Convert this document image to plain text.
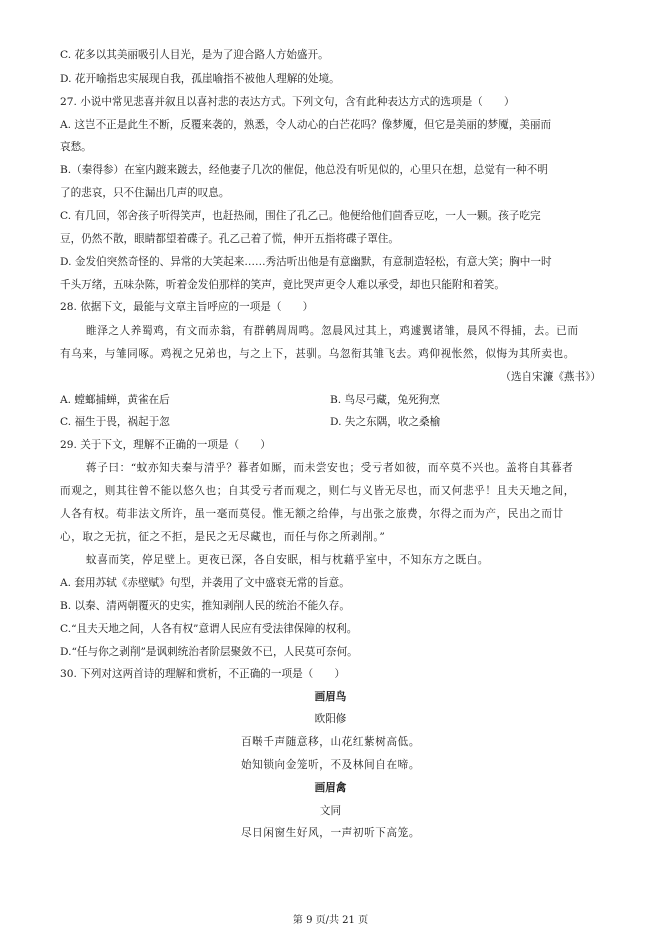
C. 花多以其美丽吸引人目光，是为了迎合路人方始盛开。
D. 花开喻指忠实展现自我，孤崖喻指不被他人理解的处境。
27. 小说中常见悲喜并叙且以喜衬悲的表达方式。下列文句，含有此种表达方式的选项是（　　）
A. 这岂不正是此生不断，反覆来袭的，熟悉，令人动心的白芒花吗？像梦魇，但它是美丽的梦魇，美丽而
哀愁。
B.（秦得参）在室内踱来踱去，经他妻子几次的催促，他总没有听见似的，心里只在想，总觉有一种不明
了的悲哀，只不住漏出几声的叹息。
C. 有几回，邻舍孩子听得笑声，也赶热闹，围住了孔乙己。他便给他们茴香豆吃，一人一颗。孩子吃完
豆，仍然不散，眼睛都望着碟子。孔乙己着了慌，伸开五指将碟子罩住。
D. 金发伯突然奇怪的、异常的大笑起来……秀沽听出他是有意幽默，有意制造轻松，有意大笑；胸中一时
千头万绪，五味杂陈，听着金发伯那样的笑声，竟比哭声更令人难以承受，却也只能附和着笑。
28. 依据下文，最能与文章主旨呼应的一项是（　　）
睢泽之人养蜀鸡，有文而赤翁，有群鹌周周鸣。忽晨风过其上，鸡遽翼诸雏，晨风不得捕，去。已而
有乌来，与雏同啄。鸡视之兄弟也，与之上下，甚驯。乌忽衔其雏飞去。鸡仰视怅然，似悔为其所卖也。
（选自宋濂《燕书》）
A. 螳螂捕蝉，黄雀在后	B. 鸟尽弓藏，兔死狗烹
C. 福生于畏，祸起于忽	D. 失之东隅，收之桑榆
29. 关于下文，理解不正确的一项是（　　）
蒋子曰：“蚊亦知夫秦与清乎？暮者如厮，而未尝安也；受亏者如彼，而卒莫不兴也。盖将自其暮者
而观之，则其往曾不能以悠久也；自其受亏者而观之，则仁与义皆无尽也，而又何悲乎！且夫天地之间，
人各有权。苟非法文所许，虽一毫而莫侵。惟无额之给俸，与出张之旅费，尔得之而为产，民出之而廿
心，取之无抗，征之不拒，是民之无尽藏也，而任与你之所剥削。”
蚊喜而笑，停足壁上。更夜已深，各自安眠，相与枕藉乎室中，不知东方之既白。
A. 套用苏轼《赤壁赋》句型，并袭用了文中盛衰无常的旨意。
B. 以秦、清两朝覆灭的史实，推知剥削人民的统治不能久存。
C.“且夫天地之间，人各有权”意谓人民应有受法律保障的权利。
D.“任与你之剥削”是讽刺统治者阶层聚敛不已，人民莫可奈何。
30. 下列对这两首诗的理解和赏析，不正确的一项是（　　）
画眉鸟
欧阳修
百啭千声随意移，山花红紫树高低。
始知锁向金笼听，不及林间自在啼。
画眉禽
文同
尽日闲窗生好风，一声初听下高笼。
第 9 页/共 21 页
